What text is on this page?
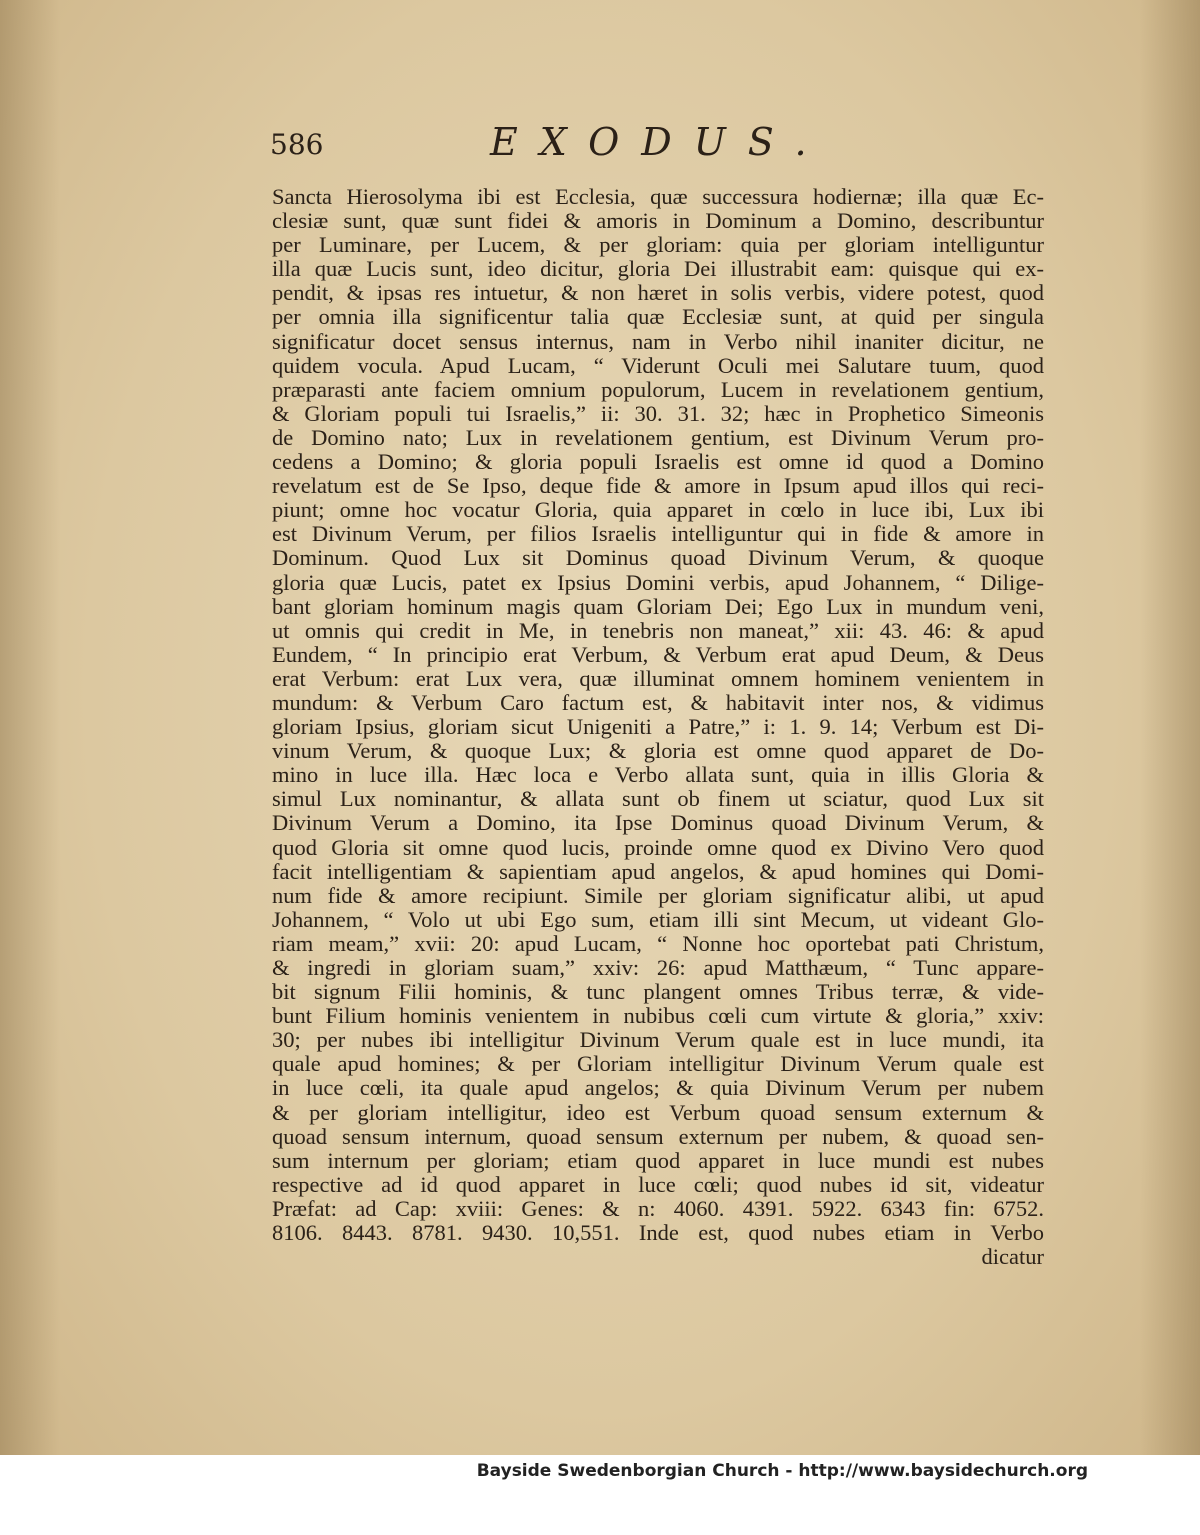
586	EXODUS.
Sancta Hierosolyma ibi est Ecclesia, quæ successura hodiernæ; illa quæ Ec-
clesiæ sunt, quæ sunt fidei & amoris in Dominum a Domino, describuntur
per Luminare, per Lucem, & per gloriam: quia per gloriam intelliguntur
illa quæ Lucis sunt, ideo dicitur, gloria Dei illustrabit eam: quisque qui ex-
pendit, & ipsas res intuetur, & non hæret in solis verbis, videre potest, quod
per omnia illa significentur talia quæ Ecclesiæ sunt, at quid per singula
significatur docet sensus internus, nam in Verbo nihil inaniter dicitur, ne
quidem vocula. Apud Lucam, “ Viderunt Oculi mei Salutare tuum, quod
præparasti ante faciem omnium populorum, Lucem in revelationem gentium,
& Gloriam populi tui Israelis,” ii: 30. 31. 32; hæc in Prophetico Simeonis
de Domino nato; Lux in revelationem gentium, est Divinum Verum pro-
cedens a Domino; & gloria populi Israelis est omne id quod a Domino
revelatum est de Se Ipso, deque fide & amore in Ipsum apud illos qui reci-
piunt; omne hoc vocatur Gloria, quia apparet in cœlo in luce ibi, Lux ibi
est Divinum Verum, per filios Israelis intelliguntur qui in fide & amore in
Dominum. Quod Lux sit Dominus quoad Divinum Verum, & quoque
gloria quæ Lucis, patet ex Ipsius Domini verbis, apud Johannem, “ Dilige-
bant gloriam hominum magis quam Gloriam Dei; Ego Lux in mundum veni,
ut omnis qui credit in Me, in tenebris non maneat,” xii: 43. 46: & apud
Eundem, “ In principio erat Verbum, & Verbum erat apud Deum, & Deus
erat Verbum: erat Lux vera, quæ illuminat omnem hominem venientem in
mundum: & Verbum Caro factum est, & habitavit inter nos, & vidimus
gloriam Ipsius, gloriam sicut Unigeniti a Patre,” i: 1. 9. 14; Verbum est Di-
vinum Verum, & quoque Lux; & gloria est omne quod apparet de Do-
mino in luce illa. Hæc loca e Verbo allata sunt, quia in illis Gloria &
simul Lux nominantur, & allata sunt ob finem ut sciatur, quod Lux sit
Divinum Verum a Domino, ita Ipse Dominus quoad Divinum Verum, &
quod Gloria sit omne quod lucis, proinde omne quod ex Divino Vero quod
facit intelligentiam & sapientiam apud angelos, & apud homines qui Domi-
num fide & amore recipiunt. Simile per gloriam significatur alibi, ut apud
Johannem, “ Volo ut ubi Ego sum, etiam illi sint Mecum, ut videant Glo-
riam meam,” xvii: 20: apud Lucam, “ Nonne hoc oportebat pati Christum,
& ingredi in gloriam suam,” xxiv: 26: apud Matthæum, “ Tunc appare-
bit signum Filii hominis, & tunc plangent omnes Tribus terræ, & vide-
bunt Filium hominis venientem in nubibus cœli cum virtute & gloria,” xxiv:
30; per nubes ibi intelligitur Divinum Verum quale est in luce mundi, ita
quale apud homines; & per Gloriam intelligitur Divinum Verum quale est
in luce cœli, ita quale apud angelos; & quia Divinum Verum per nubem
& per gloriam intelligitur, ideo est Verbum quoad sensum externum &
quoad sensum internum, quoad sensum externum per nubem, & quoad sen-
sum internum per gloriam; etiam quod apparet in luce mundi est nubes
respective ad id quod apparet in luce cœli; quod nubes id sit, videatur
Præfat: ad Cap: xviii: Genes: & n: 4060. 4391. 5922. 6343 fin: 6752.
8106. 8443. 8781. 9430. 10,551. Inde est, quod nubes etiam in Verbo
dicatur
Bayside Swedenborgian Church - http://www.baysidechurch.org
